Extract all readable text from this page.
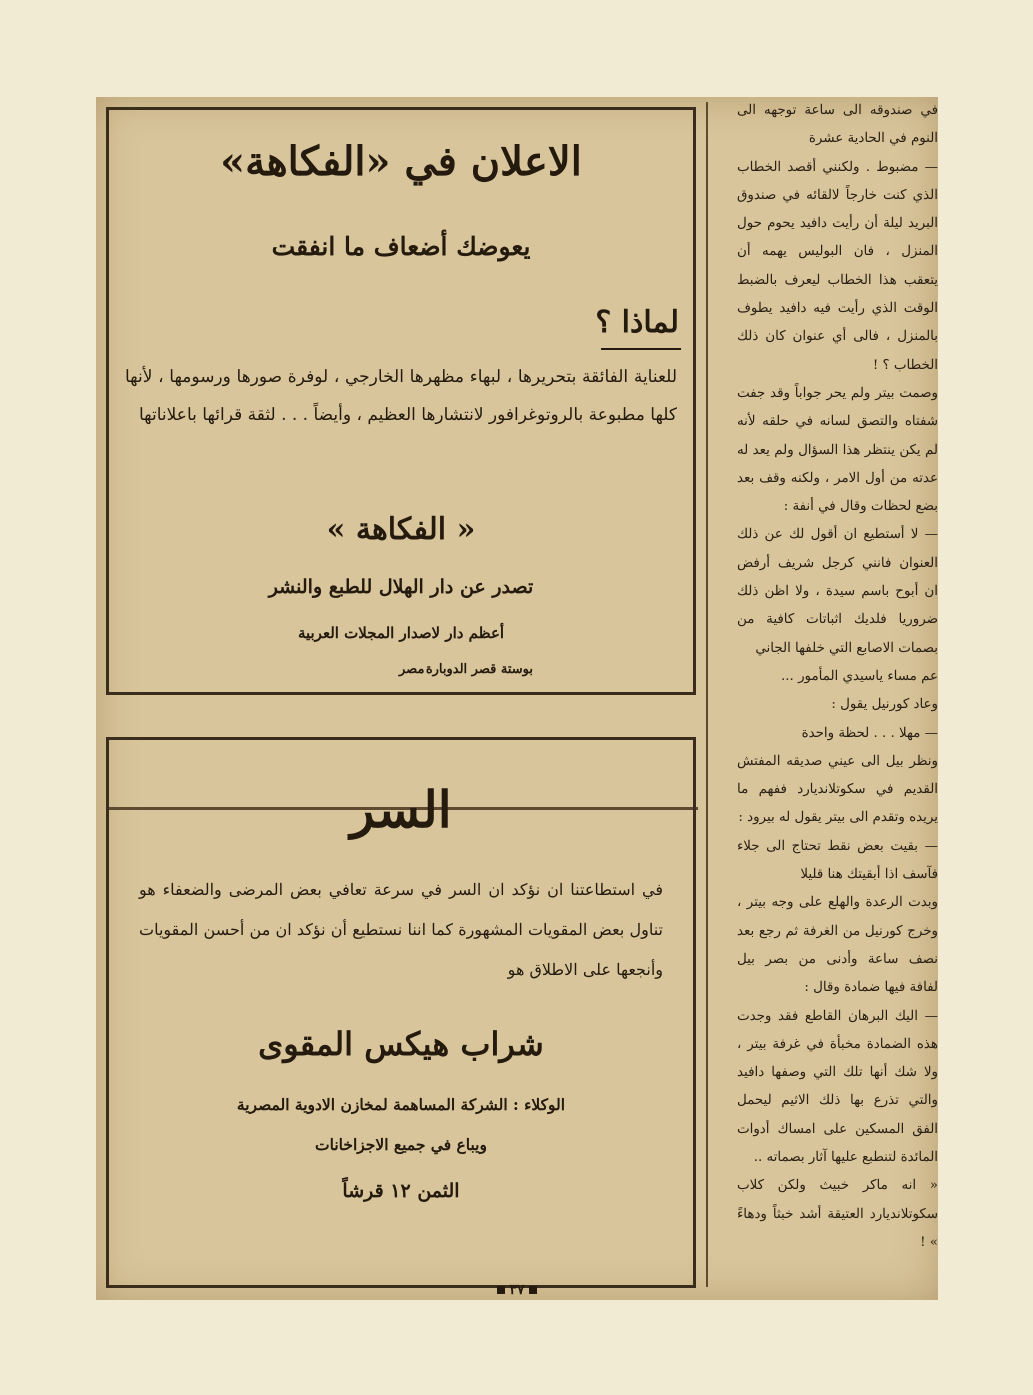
في صندوقه الى ساعة توجهه الى النوم في الحادية عشرة

— مضبوط . ولكنني أقصد الخطاب الذي كنت خارجاً لالقائه في صندوق البريد ليلة أن رأيت دافيد يحوم حول المنزل ، فان البوليس يهمه أن يتعقب هذا الخطاب ليعرف بالضبط الوقت الذي رأيت فيه دافيد يطوف بالمنزل ، فالى أي عنوان كان ذلك الخطاب ؟ !

وصمت بيتر ولم يحر جواباً وقد جفت شفتاه والتصق لسانه في حلقه لأنه لم يكن ينتظر هذا السؤال ولم يعد له عدته من أول الامر ، ولكنه وقف بعد بضع لحظات وقال في أنفة :

— لا أستطيع ان أقول لك عن ذلك العنوان فانني كرجل شريف أرفض ان أبوح باسم سيدة ، ولا اظن ذلك ضروريا فلديك اثباتات كافية من بصمات الاصابع التي خلفها الجاني

عم مساء ياسيدي المأمور ...

وعاد كورنيل يقول :

— مهلا . . . لحظة واحدة

ونظر بيل الى عيني صديقه المفتش القديم في سكوتلانديارد ففهم ما يريده وتقدم الى بيتر يقول له بيرود :

— بقيت بعض نقط تحتاج الى جلاء فآسف اذا أبقيتك هنا قليلا

وبدت الرعدة والهلع على وجه بيتر ، وخرج كورنيل من الغرفة ثم رجع بعد نصف ساعة وأدنى من بصر بيل لفافة فيها ضمادة وقال :

— اليك البرهان القاطع فقد وجدت هذه الضمادة مخبأة في غرفة بيتر ، ولا شك أنها تلك التي وصفها دافيد والتي تذرع بها ذلك الاثيم ليحمل الفق المسكين على امساك أدوات المائدة لتنطبع عليها آثار بصماته ..

« انه ماكر خبيث ولكن كلاب سكوتلانديارد العتيقة أشد خبثاً ودهاءً » !

الاعلان في «الفكاهة»
يعوضك أضعاف ما انفقت
لماذا ؟
للعناية الفائقة بتحريرها ، لبهاء مظهرها الخارجي ، لوفرة صورها ورسومها ، لأنها كلها مطبوعة بالروتوغرافور لانتشارها العظيم ، وأيضاً . . . لثقة قرائها باعلاناتها
« الفكاهة »
تصدر عن دار الهلال للطبع والنشر
أعظم دار لاصدار المجلات العربية
بوستة قصر الدوبارة
مصر
السر
في استطاعتنا ان نؤكد ان السر في سرعة تعافي بعض المرضى والضعفاء هو تناول بعض المقويات المشهورة كما اننا نستطيع أن نؤكد ان من أحسن المقويات وأنجعها على الاطلاق هو
شراب هيكس المقوى
الوكلاء : الشركة المساهمة لمخازن الادوية المصرية
ويباع في جميع الاجزاخانات
الثمن ١٢ قرشاً
٣٧
